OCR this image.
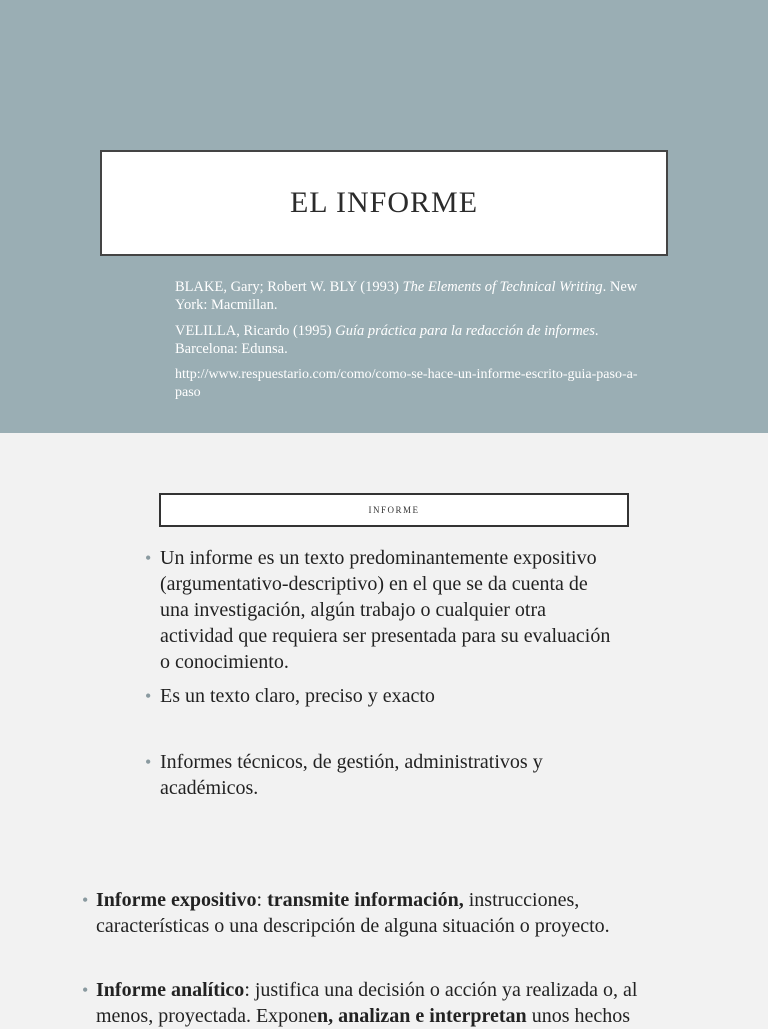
EL INFORME

BLAKE, Gary; Robert W. BLY (1993) The Elements of Technical Writing. New York: Macmillan.

VELILLA, Ricardo (1995) Guía práctica para la redacción de informes. Barcelona: Edunsa.

http://www.respuestario.com/como/como-se-hace-un-informe-escrito-guia-paso-a-paso

INFORME
• Un informe es un texto predominantemente expositivo (argumentativo-descriptivo) en el que se da cuenta de una investigación, algún trabajo o cualquier otra actividad que requiera ser presentada para su evaluación o conocimiento.
• Es un texto claro, preciso y exacto
• Informes técnicos, de gestión, administrativos y académicos.
• Informe expositivo: transmite información, instrucciones, características o una descripción de alguna situación o proyecto.
• Informe analítico: justifica una decisión o acción ya realizada o, al menos, proyectada. Exponen, analizan e interpretan unos hechos
